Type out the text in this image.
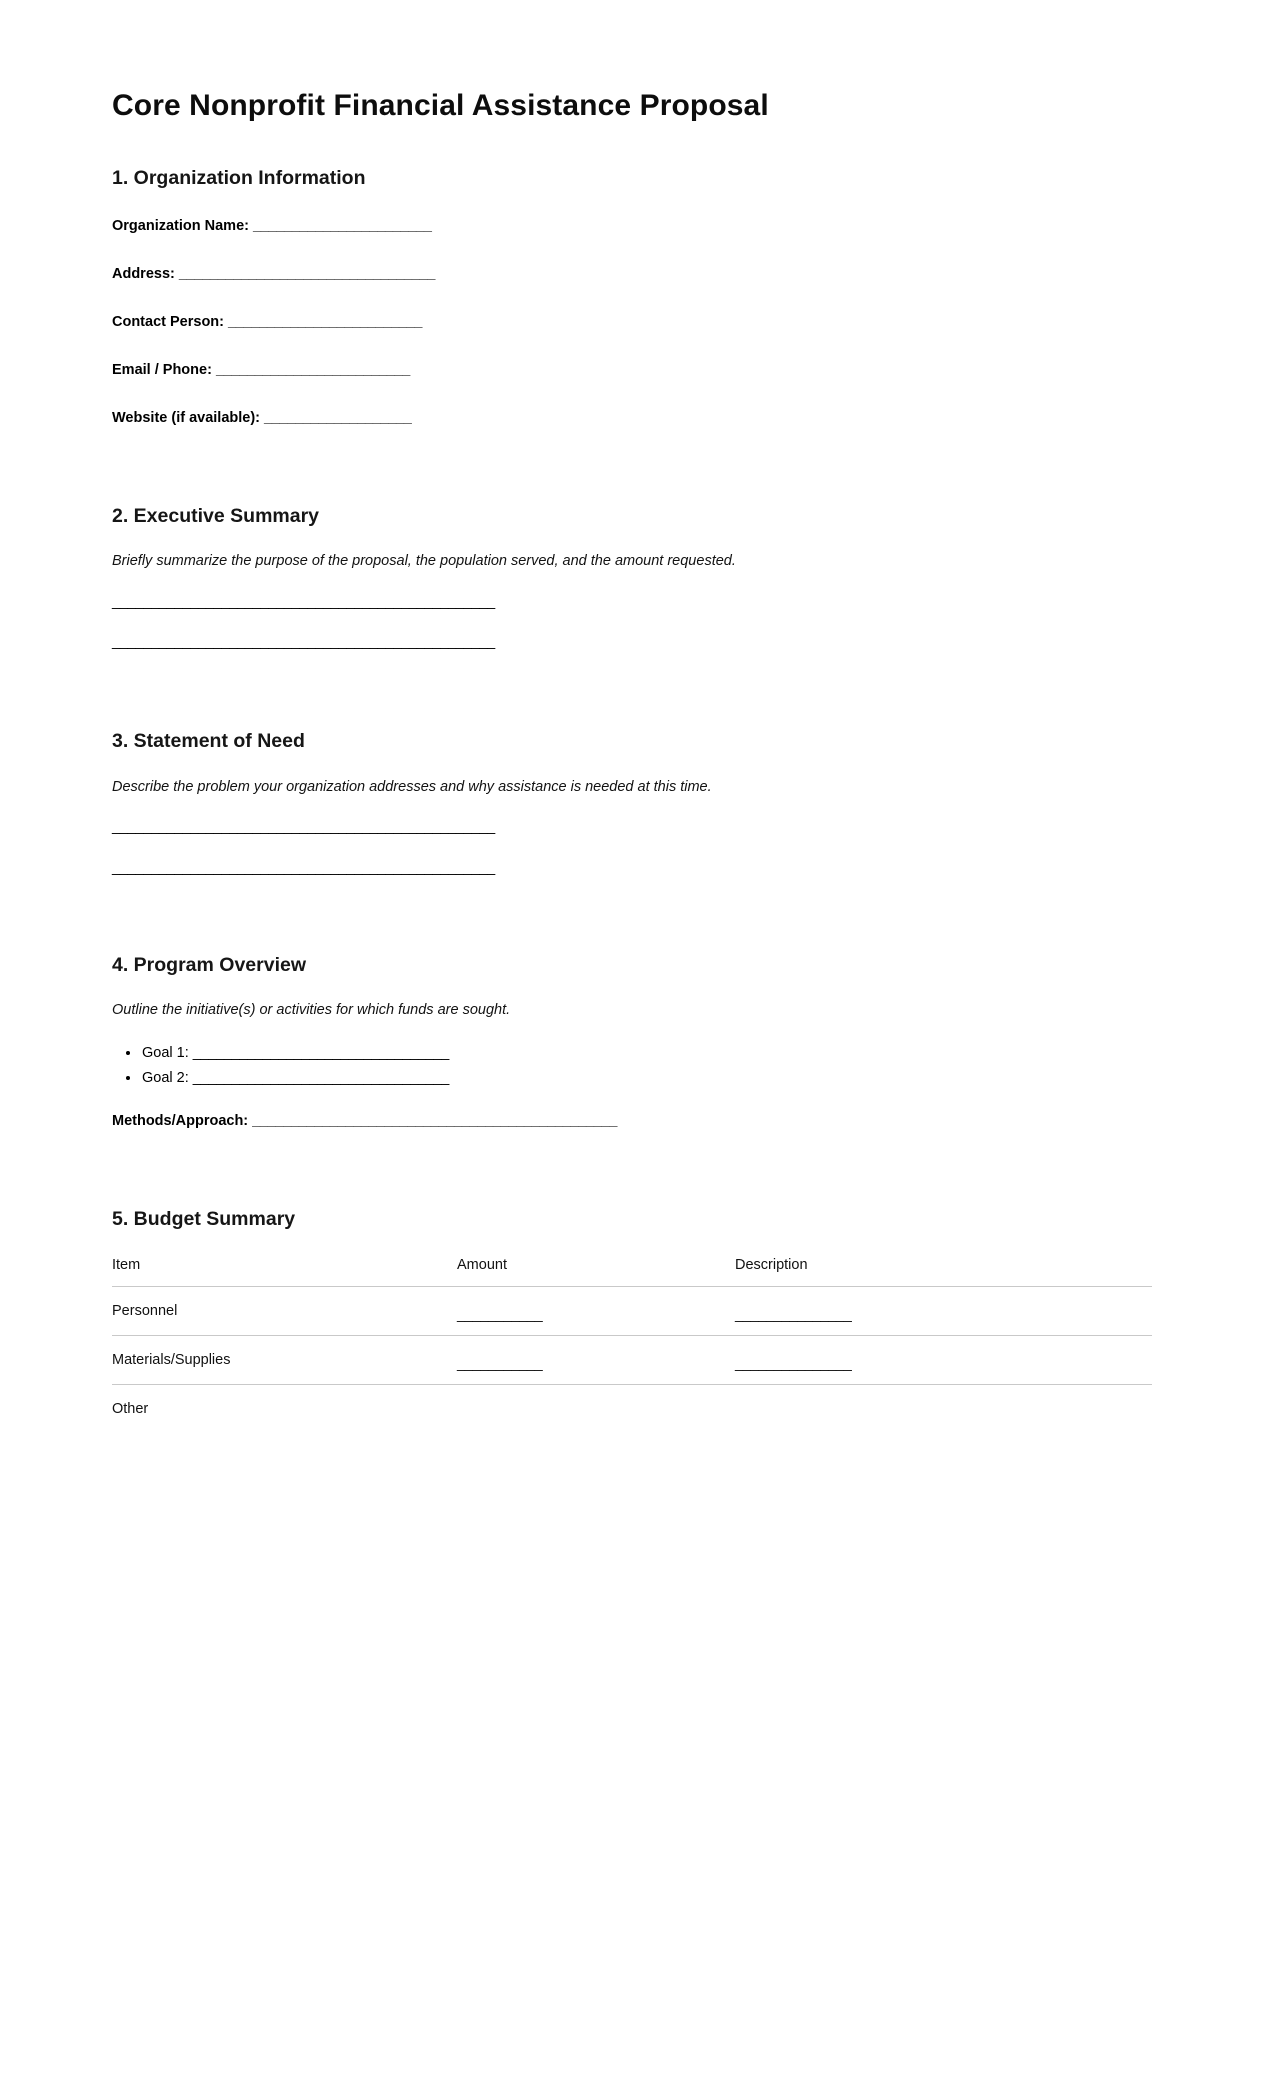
Core Nonprofit Financial Assistance Proposal
1. Organization Information
Organization Name: _______________________
Address: _________________________________
Contact Person: _________________________
Email / Phone: _________________________
Website (if available): ___________________
2. Executive Summary

Briefly summarize the purpose of the proposal, the population served, and the amount requested.

_________________________________________________
_________________________________________________
3. Statement of Need

Describe the problem your organization addresses and why assistance is needed at this time.

_________________________________________________
_________________________________________________
4. Program Overview

Outline the initiative(s) or activities for which funds are sought.

Goal 1: _________________________________
Goal 2: _________________________________
Methods/Approach: _______________________________________________
5. Budget Summary
Item	Amount	Description
Personnel	___________	_______________
Materials/Supplies	___________	_______________
Other		
